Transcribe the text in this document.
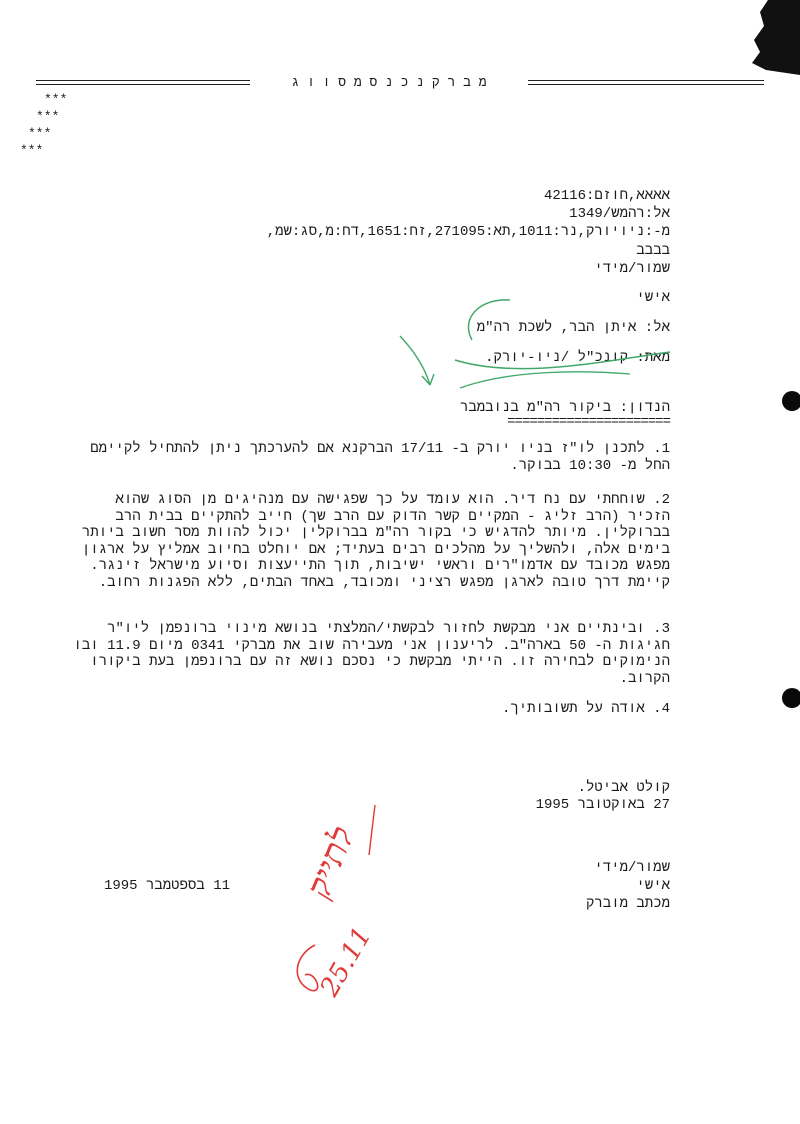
מ ב ר ק נ כ נ ס מ ס ו ו ג
***
***
***
***
אאאא,חוזם:42116
אל:רהמש/1349
מ-:ניויורק,נר:1011,תא:271095,זח:1651,דח:מ,סג:שמ,
בבבב
שמור/מידי
אישי
אל: איתן הבר, לשכת רה"מ
מאת: קונכ"ל /ניו-יורק.
הנדון: ביקור רה"מ בנובמבר
======================
1. לתכנן לו"ז בניו יורק ב- 17/11 הברקנא אם להערכתך ניתן להתחיל לקיימם החל מ- 10:30 בבוקר.
2. שוחחתי עם נח דיר. הוא עומד על כך שפגישה עם מנהיגים מן הסוג שהוא הזכיר (הרב זליג - המקיים קשר הדוק עם הרב שך) חייב להתקיים בבית הרב בברוקלין. מיותר להדגיש כי בקור רה"מ בברוקלין יכול להוות מסר חשוב ביותר בימים אלה, ולהשליך על מהלכים רבים בעתיד; אם יוחלט בחיוב אמליץ על ארגון מפגש מכובד עם אדמו"רים וראשי ישיבות, תוך התייעצות וסיוע מישראל זינגר. קיימת דרך טובה לארגן מפגש רציני ומכובד, באחד הבתים, ללא הפגנות רחוב.
3. ובינתיים אני מבקשת לחזור לבקשתי/המלצתי בנושא מינוי ברונפמן ליו"ר חגיגות ה- 50 בארה"ב. לריענון אני מעבירה שוב את מברקי 0341 מיום 11.9 ובו הנימוקים לבחירה זו. הייתי מבקשת כי נסכם נושא זה עם ברונפמן בעת ביקורו הקרוב.
4. אודה על תשובותיך.
קולט אביטל.
27 באוקטובר 1995
שמור/מידי
אישי
מכתב מוברק
11 בספטמבר 1995 לתייק
25.11
